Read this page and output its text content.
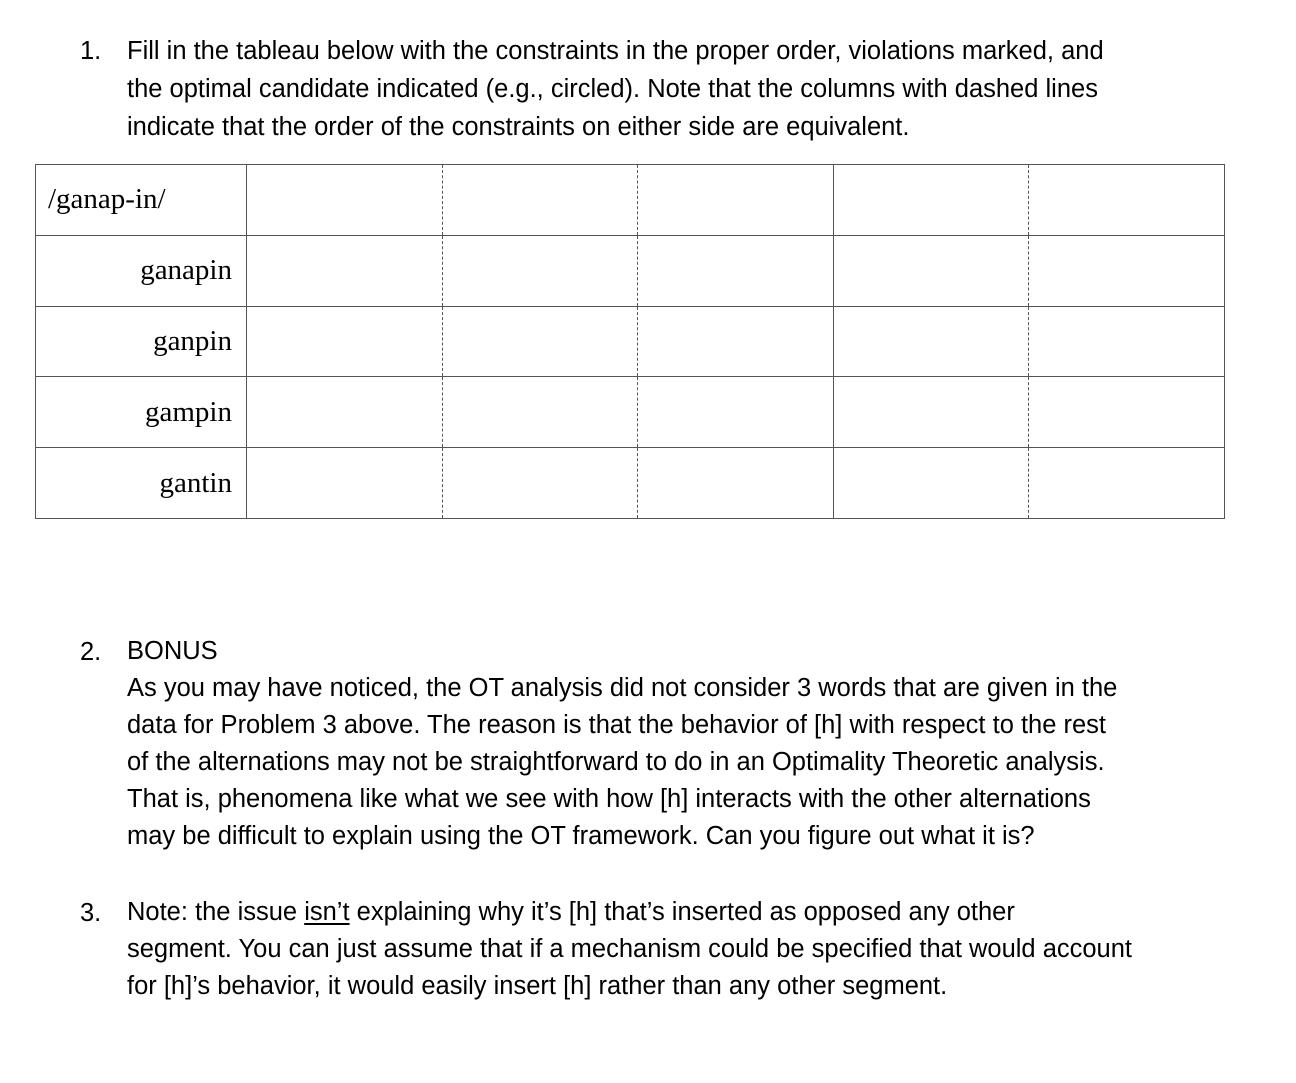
1. Fill in the tableau below with the constraints in the proper order, violations marked, and
the optimal candidate indicated (e.g., circled). Note that the columns with dashed lines
indicate that the order of the constraints on either side are equivalent.
/ganap-in/					
ganapin					
ganpin					
gampin					
gantin					
2. BONUS
As you may have noticed, the OT analysis did not consider 3 words that are given in the
data for Problem 3 above. The reason is that the behavior of [h] with respect to the rest
of the alternations may not be straightforward to do in an Optimality Theoretic analysis.
That is, phenomena like what we see with how [h] interacts with the other alternations
may be difficult to explain using the OT framework. Can you figure out what it is?
3. Note: the issue isn’t explaining why it’s [h] that’s inserted as opposed any other
segment. You can just assume that if a mechanism could be specified that would account
for [h]’s behavior, it would easily insert [h] rather than any other segment.
